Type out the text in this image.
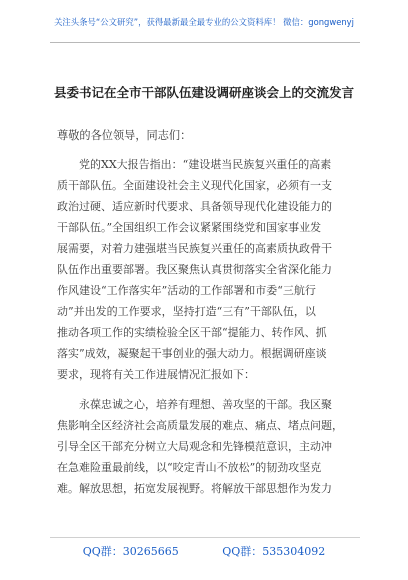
关注头条号“公文研究”，获得最新最全最专业的公文资料库！ 微信：gongwenyj
县委书记在全市干部队伍建设调研座谈会上的交流发言
尊敬的各位领导，同志们：
党的XX大报告指出：“建设堪当民族复兴重任的高素
质干部队伍。全面建设社会主义现代化国家，必须有一支
政治过硬、适应新时代要求、具备领导现代化建设能力的
干部队伍。”全国组织工作会议紧紧围绕党和国家事业发
展需要，对着力建强堪当民族复兴重任的高素质执政骨干
队伍作出重要部署。我区聚焦认真贯彻落实全省深化能力
作风建设“工作落实年”活动的工作部署和市委“三航行
动”并出发的工作要求，坚持打造“三有”干部队伍，以
推动各项工作的实绩检验全区干部“提能力、转作风、抓
落实”成效，凝聚起干事创业的强大动力。根据调研座谈
要求，现将有关工作进展情况汇报如下：
永葆忠诚之心，培养有理想、善攻坚的干部。我区聚
焦影响全区经济社会高质量发展的难点、痛点、堵点问题，
引导全区干部充分树立大局观念和先锋模范意识，主动冲
在急难险重最前线，以“咬定青山不放松”的韧劲攻坚克
难。解放思想，拓宽发展视野。将解放干部思想作为发力
QQ群：30265665	QQ群：535304092
